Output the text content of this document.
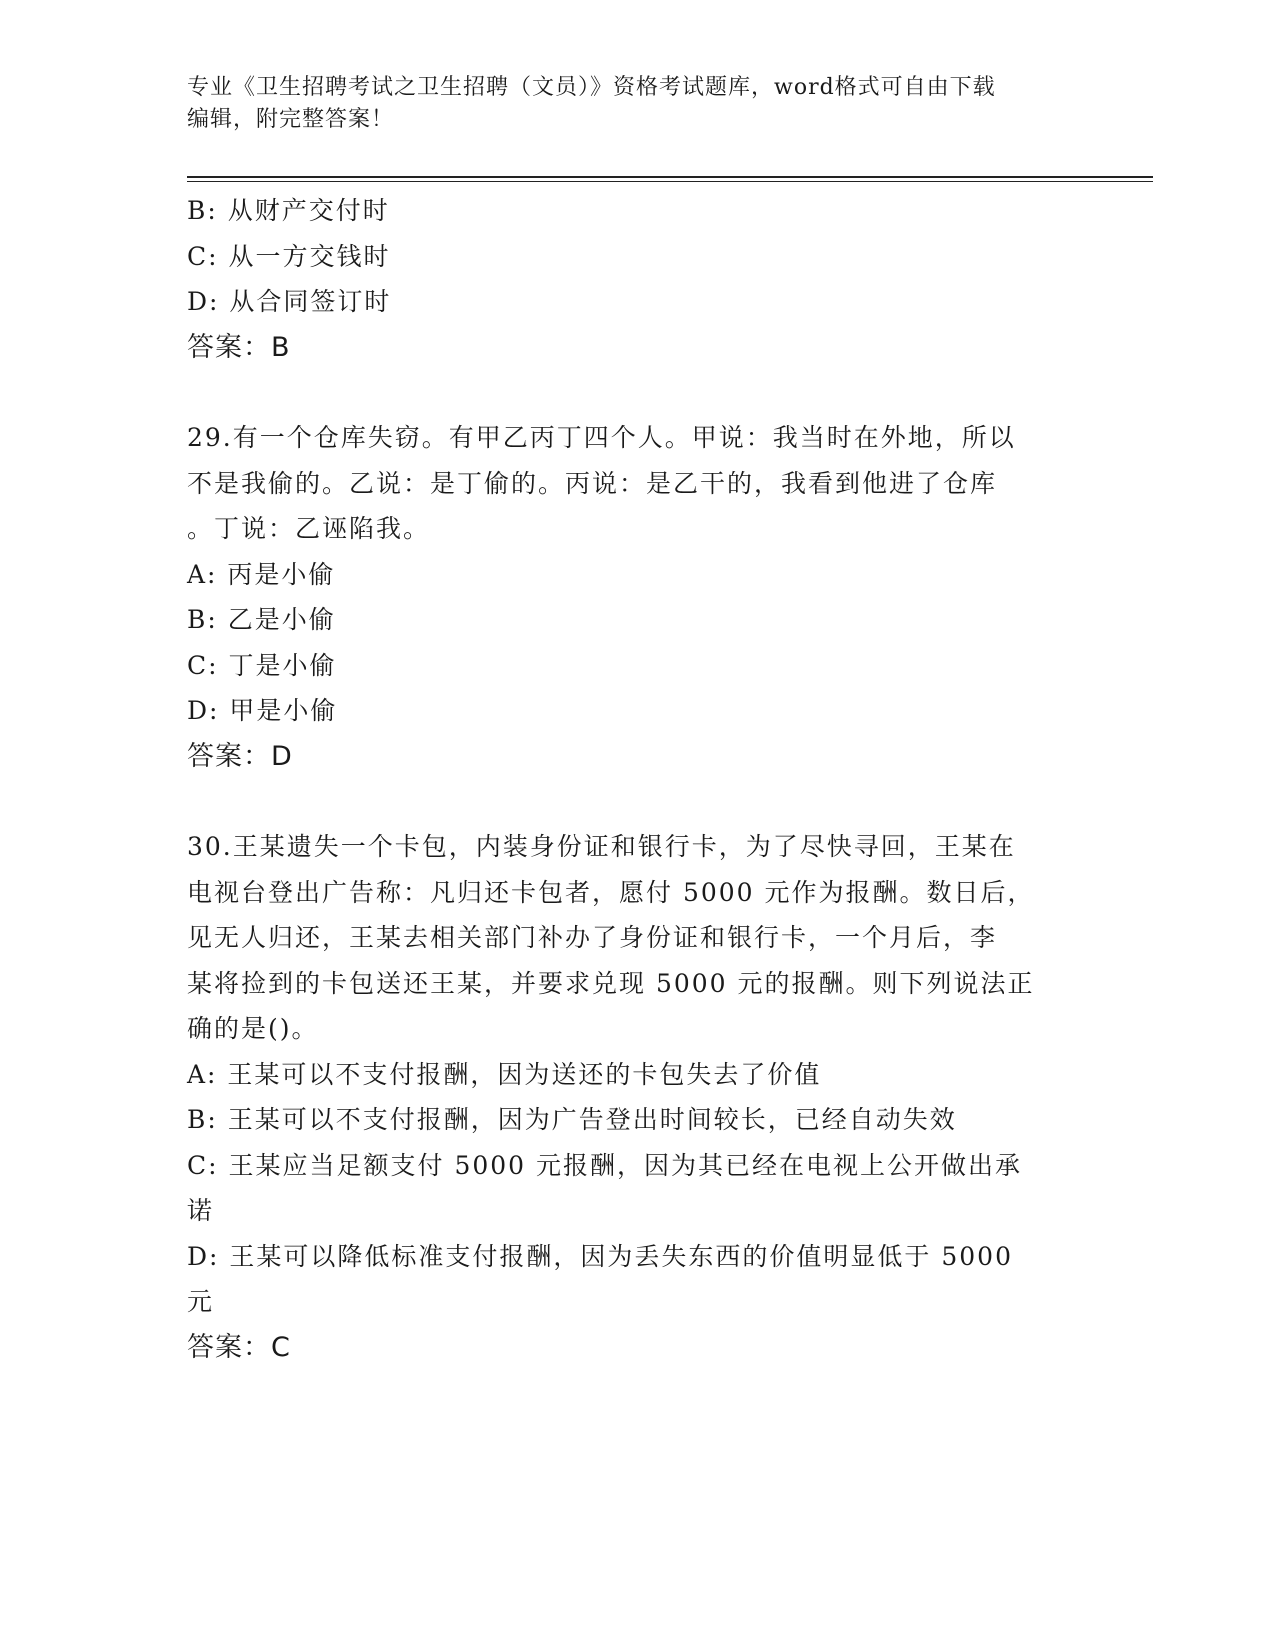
专业《卫生招聘考试之卫生招聘（文员）》资格考试题库，word格式可自由下载
编辑，附完整答案！
B: 从财产交付时
C: 从一方交钱时
D: 从合同签订时
答案：B
29.有一个仓库失窃。有甲乙丙丁四个人。甲说：我当时在外地，所以
不是我偷的。乙说：是丁偷的。丙说：是乙干的，我看到他进了仓库
。丁说：乙诬陷我。
A: 丙是小偷
B: 乙是小偷
C: 丁是小偷
D: 甲是小偷
答案：D
30.王某遗失一个卡包，内装身份证和银行卡，为了尽快寻回，王某在
电视台登出广告称：凡归还卡包者，愿付 5000 元作为报酬。数日后，
见无人归还，王某去相关部门补办了身份证和银行卡，一个月后，李
某将捡到的卡包送还王某，并要求兑现 5000 元的报酬。则下列说法正
确的是()。
A: 王某可以不支付报酬，因为送还的卡包失去了价值
B: 王某可以不支付报酬，因为广告登出时间较长，已经自动失效
C: 王某应当足额支付 5000 元报酬，因为其已经在电视上公开做出承
诺
D: 王某可以降低标准支付报酬，因为丢失东西的价值明显低于 5000
元
答案：C
